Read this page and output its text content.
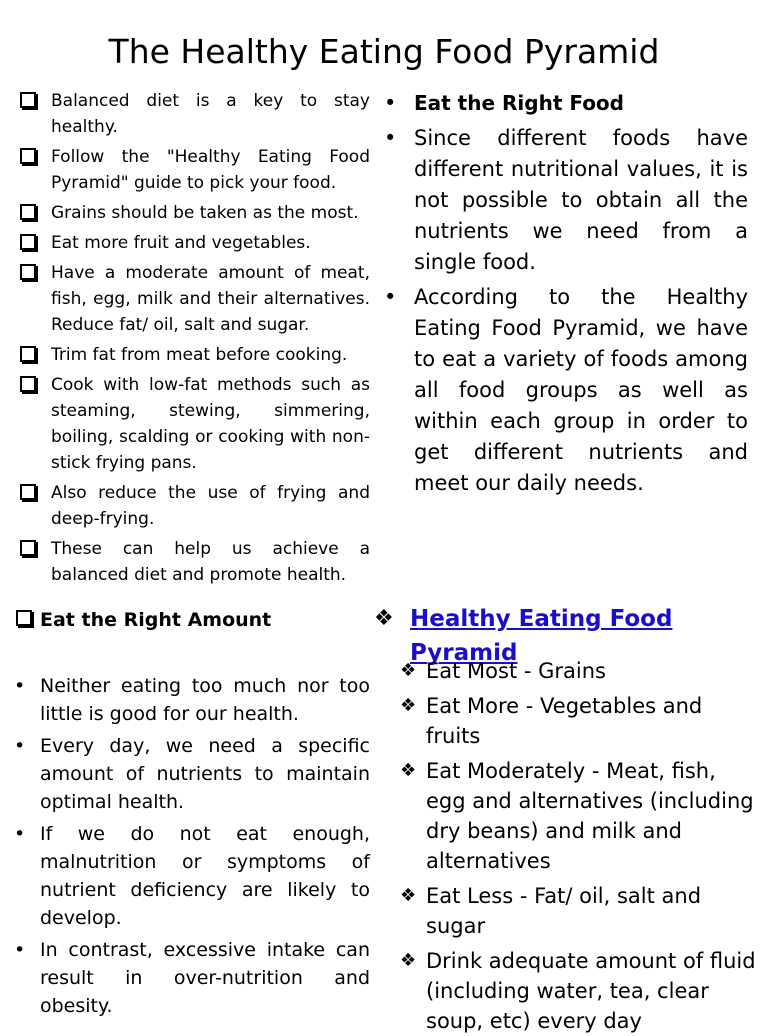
The Healthy Eating Food Pyramid
Balanced diet is a key to stay healthy.
Follow the "Healthy Eating Food Pyramid" guide to pick your food.
Grains should be taken as the most.
Eat more fruit and vegetables.
Have a moderate amount of meat, fish, egg, milk and their alternatives. Reduce fat/ oil, salt and sugar.
Trim fat from meat before cooking.
Cook with low-fat methods such as steaming, stewing, simmering, boiling, scalding or cooking with non-stick frying pans.
Also reduce the use of frying and deep-frying.
These can help us achieve a balanced diet and promote health.
• Eat the Right Food
• Since different foods have different nutritional values, it is not possible to obtain all the nutrients we need from a single food.
• According to the Healthy Eating Food Pyramid, we have to eat a variety of foods among all food groups as well as within each group in order to get different nutrients and meet our daily needs.
Eat the Right Amount
• Neither eating too much nor too little is good for our health.
• Every day, we need a specific amount of nutrients to maintain optimal health.
• If we do not eat enough, malnutrition or symptoms of nutrient deficiency are likely to develop.
• In contrast, excessive intake can result in over-nutrition and obesity.
❖ Healthy Eating Food Pyramid
❖ Eat Most - Grains
❖ Eat More - Vegetables and fruits
❖ Eat Moderately - Meat, fish, egg and alternatives (including dry beans) and milk and alternatives
❖ Eat Less - Fat/ oil, salt and sugar
❖ Drink adequate amount of fluid (including water, tea, clear soup, etc) every day
